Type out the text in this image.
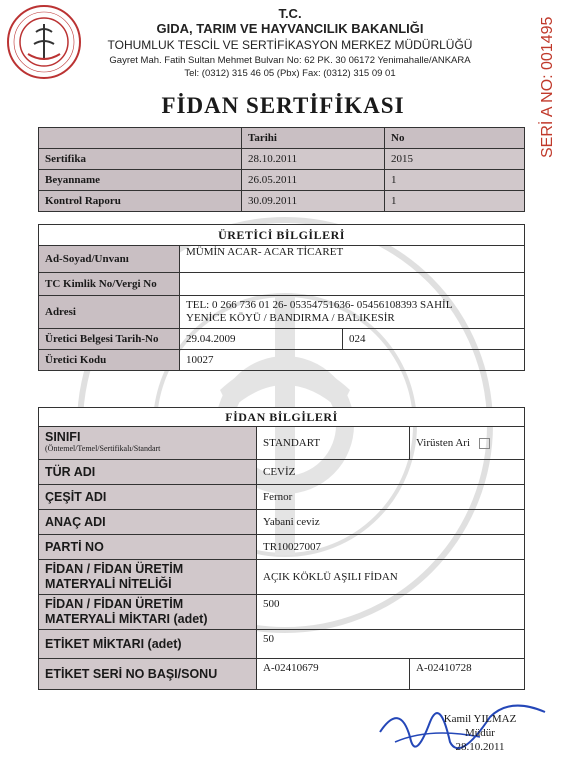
T.C.
GIDA, TARIM VE HAYVANCILIK BAKANLIĞI
TOHUMLUK TESCİL VE SERTİFİKASYON MERKEZ MÜDÜRLÜĞÜ
Gayret Mah. Fatih Sultan Mehmet Bulvarı No: 62 PK. 30 06172 Yenimahalle/ANKARA
Tel: (0312) 315 46 05 (Pbx) Fax: (0312) 315 09 01	SERİ A NO: 001495
FİDAN SERTİFİKASI
	Tarihi	No
Sertifika	28.10.2011	2015
Beyanname	26.05.2011	1
Kontrol Raporu	30.09.2011	1
ÜRETİCİ BİLGİLERİ		
Ad-Soyad/Unvanı	MÜMİN ACAR- ACAR TİCARET	
TC Kimlik No/Vergi No		
Adresi	TEL: 0 266 736 01 26- 05354751636- 05456108393 SAHİL
YENİCE KÖYÜ / BANDIRMA / BALIKESİR	

Üretici Belgesi Tarih-No	29.04.2009	024
Üretici Kodu	10027	
FİDAN BİLGİLERİ		

SINIFI
(Öntemel/Temel/Sertifikalı/Standart	STANDART	Virüsten Ari
TÜR ADI	CEVİZ	
ÇEŞİT ADI	Fernor	
ANAÇ ADI	Yabani ceviz	
PARTİ NO	TR10027007	

FİDAN / FİDAN ÜRETİM
MATERYALİ NİTELİĞİ	AÇIK KÖKLÜ AŞILI FİDAN	

FİDAN / FİDAN ÜRETİM
MATERYALİ MİKTARI (adet)	500	
ETİKET MİKTARI (adet)	50	
ETİKET SERİ NO BAŞI/SONU	A-02410679	A-02410728
Kamil YILMAZ
Müdür
28.10.2011
